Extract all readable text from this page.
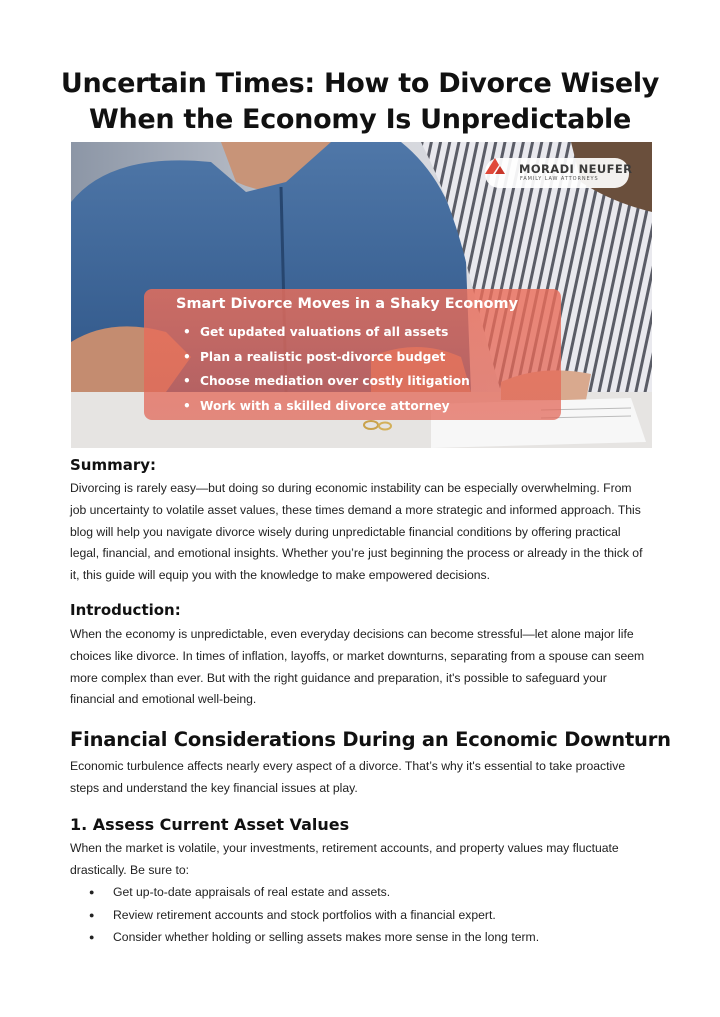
Uncertain Times: How to Divorce Wisely When the Economy Is Unpredictable
MORADI NEUFER
FAMILY LAW ATTORNEYS
Smart Divorce Moves in a Shaky Economy
• Get updated valuations of all assets
• Plan a realistic post-divorce budget
• Choose mediation over costly litigation
• Work with a skilled divorce attorney
Summary:

Divorcing is rarely easy—but doing so during economic instability can be especially overwhelming. From job uncertainty to volatile asset values, these times demand a more strategic and informed approach. This blog will help you navigate divorce wisely during unpredictable financial conditions by offering practical legal, financial, and emotional insights. Whether you’re just beginning the process or already in the thick of it, this guide will equip you with the knowledge to make empowered decisions.

Introduction:

When the economy is unpredictable, even everyday decisions can become stressful—let alone major life choices like divorce. In times of inflation, layoffs, or market downturns, separating from a spouse can seem more complex than ever. But with the right guidance and preparation, it's possible to safeguard your financial and emotional well-being.

Financial Considerations During an Economic Downturn

Economic turbulence affects nearly every aspect of a divorce. That’s why it's essential to take proactive steps and understand the key financial issues at play.

1. Assess Current Asset Values

When the market is volatile, your investments, retirement accounts, and property values may fluctuate drastically. Be sure to:

● Get up-to-date appraisals of real estate and assets.
● Review retirement accounts and stock portfolios with a financial expert.
● Consider whether holding or selling assets makes more sense in the long term.
